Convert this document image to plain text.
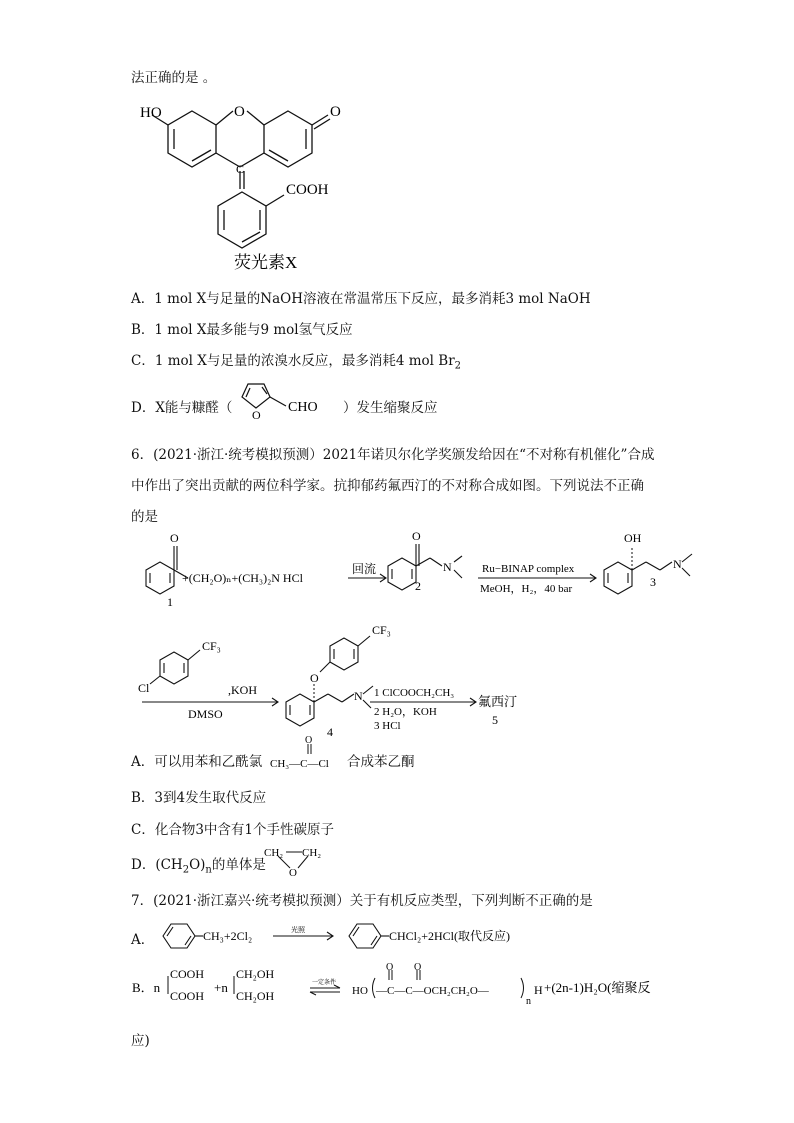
法正确的是 。
HO	O	O
C
COOH
荧光素X
A．1 mol X与足量的NaOH溶液在常温常压下反应，最多消耗3 mol NaOH
B．1 mol X最多能与9 mol氢气反应
C．1 mol X与足量的浓溴水反应，最多消耗4 mol $Br_2$
D．X能与糠醛（ O CHO ）发生缩聚反应
6．(2021·浙江·统考模拟预测）2021年诺贝尔化学奖颁发给因在“不对称有机催化”合成
中作出了突出贡献的两位科学家。抗抑郁药氟西汀的不对称合成如图。下列说法不正确
的是
O
1
+(CH₂O)ₙ+(CH₃)₂N HCl
回流
O
N
2
Ru−BINAP complex
MeOH，H₂，40 bar
OH
N
3
CF₃
Cl	,KOH
DMSO
CF₃
O
N
4
1 ClCOOCH₂CH₃
2 H₂O，KOH
3 HCl
氟西汀
5
A．可以用苯和乙酰氯
O
CH₃—C—Cl 合成苯乙酮
B．3到4发生取代反应
C．化合物3中含有1个手性碳原子
D．$(CH_2O)_n$的单体是
CH₂ CH₂
O
7．(2021·浙江嘉兴·统考模拟预测）关于有机反应类型，下列判断不正确的是
A．	CH₃+2Cl₂	光照	CHCl₂+2HCl(取代反应)
B．n
COOH
COOH
+n
CH₂OH
CH₂OH
一定条件
HO
O O
—C—C—OCH₂CH₂O—
n
H +(2n-1)H₂O(缩聚反
应)
